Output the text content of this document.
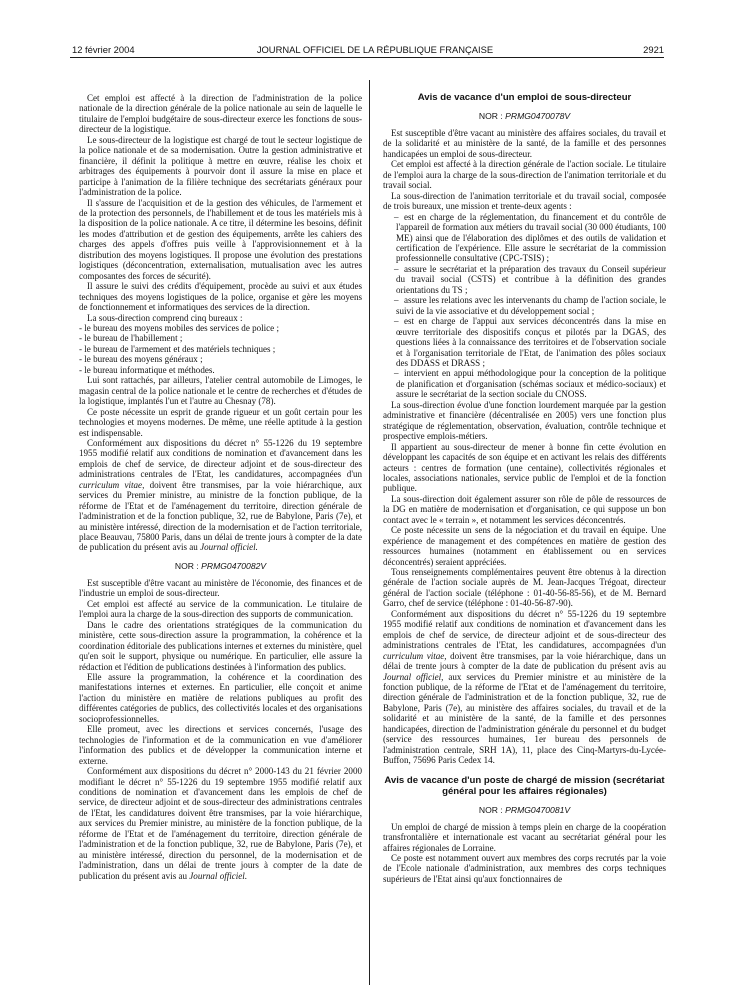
12 février 2004	JOURNAL OFFICIEL DE LA RÉPUBLIQUE FRANÇAISE	2921

Cet emploi est affecté à la direction de l'administration de la police nationale de la direction générale de la police nationale au sein de laquelle le titulaire de l'emploi budgétaire de sous-directeur exerce les fonctions de sous-directeur de la logistique.

Le sous-directeur de la logistique est chargé de tout le secteur logistique de la police nationale et de sa modernisation. Outre la gestion administrative et financière, il définit la politique à mettre en œuvre, réalise les choix et arbitrages des équipements à pourvoir dont il assure la mise en place et participe à l'animation de la filière technique des secrétariats généraux pour l'administration de la police.

Il s'assure de l'acquisition et de la gestion des véhicules, de l'armement et de la protection des personnels, de l'habillement et de tous les matériels mis à la disposition de la police nationale. A ce titre, il détermine les besoins, définit les modes d'attribution et de gestion des équipements, arrête les cahiers des charges des appels d'offres puis veille à l'approvisionnement et à la distribution des moyens logistiques. Il propose une évolution des prestations logistiques (déconcentration, externalisation, mutualisation avec les autres composantes des forces de sécurité).

Il assure le suivi des crédits d'équipement, procède au suivi et aux études techniques des moyens logistiques de la police, organise et gère les moyens de fonctionnement et informatiques des services de la direction.

La sous-direction comprend cinq bureaux :

- le bureau des moyens mobiles des services de police ;

- le bureau de l'habillement ;

- le bureau de l'armement et des matériels techniques ;

- le bureau des moyens généraux ;

- le bureau informatique et méthodes.

Lui sont rattachés, par ailleurs, l'atelier central automobile de Limoges, le magasin central de la police nationale et le centre de recherches et d'études de la logistique, implantés l'un et l'autre au Chesnay (78).

Ce poste nécessite un esprit de grande rigueur et un goût certain pour les technologies et moyens modernes. De même, une réelle aptitude à la gestion est indispensable.

Conformément aux dispositions du décret n° 55-1226 du 19 septembre 1955 modifié relatif aux conditions de nomination et d'avancement dans les emplois de chef de service, de directeur adjoint et de sous-directeur des administrations centrales de l'Etat, les candidatures, accompagnées d'un curriculum vitae, doivent être transmises, par la voie hiérarchique, aux services du Premier ministre, au ministre de la fonction publique, de la réforme de l'Etat et de l'aménagement du territoire, direction générale de l'administration et de la fonction publique, 32, rue de Babylone, Paris (7e), et au ministère intéressé, direction de la modernisation et de l'action territoriale, place Beauvau, 75800 Paris, dans un délai de trente jours à compter de la date de publication du présent avis au Journal officiel.

NOR : PRMG0470082V

Est susceptible d'être vacant au ministère de l'économie, des finances et de l'industrie un emploi de sous-directeur.

Cet emploi est affecté au service de la communication. Le titulaire de l'emploi aura la charge de la sous-direction des supports de communication.

Dans le cadre des orientations stratégiques de la communication du ministère, cette sous-direction assure la programmation, la cohérence et la coordination éditoriale des publications internes et externes du ministère, quel qu'en soit le support, physique ou numérique. En particulier, elle assure la rédaction et l'édition de publications destinées à l'information des publics.

Elle assure la programmation, la cohérence et la coordination des manifestations internes et externes. En particulier, elle conçoit et anime l'action du ministère en matière de relations publiques au profit des différentes catégories de publics, des collectivités locales et des organisations socioprofessionnelles.

Elle promeut, avec les directions et services concernés, l'usage des technologies de l'information et de la communication en vue d'améliorer l'information des publics et de développer la communication interne et externe.

Conformément aux dispositions du décret n° 2000-143 du 21 février 2000 modifiant le décret n° 55-1226 du 19 septembre 1955 modifié relatif aux conditions de nomination et d'avancement dans les emplois de chef de service, de directeur adjoint et de sous-directeur des administrations centrales de l'Etat, les candidatures doivent être transmises, par la voie hiérarchique, aux services du Premier ministre, au ministère de la fonction publique, de la réforme de l'Etat et de l'aménagement du territoire, direction générale de l'administration et de la fonction publique, 32, rue de Babylone, Paris (7e), et au ministère intéressé, direction du personnel, de la modernisation et de l'administration, dans un délai de trente jours à compter de la date de publication du présent avis au Journal officiel.

Avis de vacance d'un emploi de sous-directeur
NOR : PRMG0470078V

Est susceptible d'être vacant au ministère des affaires sociales, du travail et de la solidarité et au ministère de la santé, de la famille et des personnes handicapées un emploi de sous-directeur.

Cet emploi est affecté à la direction générale de l'action sociale. Le titulaire de l'emploi aura la charge de la sous-direction de l'animation territoriale et du travail social.

La sous-direction de l'animation territoriale et du travail social, composée de trois bureaux, une mission et trente-deux agents :

– est en charge de la réglementation, du financement et du contrôle de l'appareil de formation aux métiers du travail social (30 000 étudiants, 100 ME) ainsi que de l'élaboration des diplômes et des outils de validation et certification de l'expérience. Elle assure le secrétariat de la commission professionnelle consultative (CPC-TSIS) ;

– assure le secrétariat et la préparation des travaux du Conseil supérieur du travail social (CSTS) et contribue à la définition des grandes orientations du TS ;

– assure les relations avec les intervenants du champ de l'action sociale, le suivi de la vie associative et du développement social ;

– est en charge de l'appui aux services déconcentrés dans la mise en œuvre territoriale des dispositifs conçus et pilotés par la DGAS, des questions liées à la connaissance des territoires et de l'observation sociale et à l'organisation territoriale de l'Etat, de l'animation des pôles sociaux des DDASS et DRASS ;

– intervient en appui méthodologique pour la conception de la politique de planification et d'organisation (schémas sociaux et médico-sociaux) et assure le secrétariat de la section sociale du CNOSS.

La sous-direction évolue d'une fonction lourdement marquée par la gestion administrative et financière (décentralisée en 2005) vers une fonction plus stratégique de réglementation, observation, évaluation, contrôle technique et prospective emplois-métiers.

Il appartient au sous-directeur de mener à bonne fin cette évolution en développant les capacités de son équipe et en activant les relais des différents acteurs : centres de formation (une centaine), collectivités régionales et locales, associations nationales, service public de l'emploi et de la fonction publique.

La sous-direction doit également assurer son rôle de pôle de ressources de la DG en matière de modernisation et d'organisation, ce qui suppose un bon contact avec le « terrain », et notamment les services déconcentrés.

Ce poste nécessite un sens de la négociation et du travail en équipe. Une expérience de management et des compétences en matière de gestion des ressources humaines (notamment en établissement ou en services déconcentrés) seraient appréciées.

Tous renseignements complémentaires peuvent être obtenus à la direction générale de l'action sociale auprès de M. Jean-Jacques Trégoat, directeur général de l'action sociale (téléphone : 01-40-56-85-56), et de M. Bernard Garro, chef de service (téléphone : 01-40-56-87-90).

Conformément aux dispositions du décret n° 55-1226 du 19 septembre 1955 modifié relatif aux conditions de nomination et d'avancement dans les emplois de chef de service, de directeur adjoint et de sous-directeur des administrations centrales de l'Etat, les candidatures, accompagnées d'un curriculum vitae, doivent être transmises, par la voie hiérarchique, dans un délai de trente jours à compter de la date de publication du présent avis au Journal officiel, aux services du Premier ministre et au ministère de la fonction publique, de la réforme de l'Etat et de l'aménagement du territoire, direction générale de l'administration et de la fonction publique, 32, rue de Babylone, Paris (7e), au ministère des affaires sociales, du travail et de la solidarité et au ministère de la santé, de la famille et des personnes handicapées, direction de l'administration générale du personnel et du budget (service des ressources humaines, 1er bureau des personnels de l'administration centrale, SRH 1A), 11, place des Cinq-Martyrs-du-Lycée-Buffon, 75696 Paris Cedex 14.

Avis de vacance d'un poste de chargé de mission (secrétariat général pour les affaires régionales)
NOR : PRMG0470081V

Un emploi de chargé de mission à temps plein en charge de la coopération transfrontalière et internationale est vacant au secrétariat général pour les affaires régionales de Lorraine.

Ce poste est notamment ouvert aux membres des corps recrutés par la voie de l'Ecole nationale d'administration, aux membres des corps techniques supérieurs de l'Etat ainsi qu'aux fonctionnaires de
